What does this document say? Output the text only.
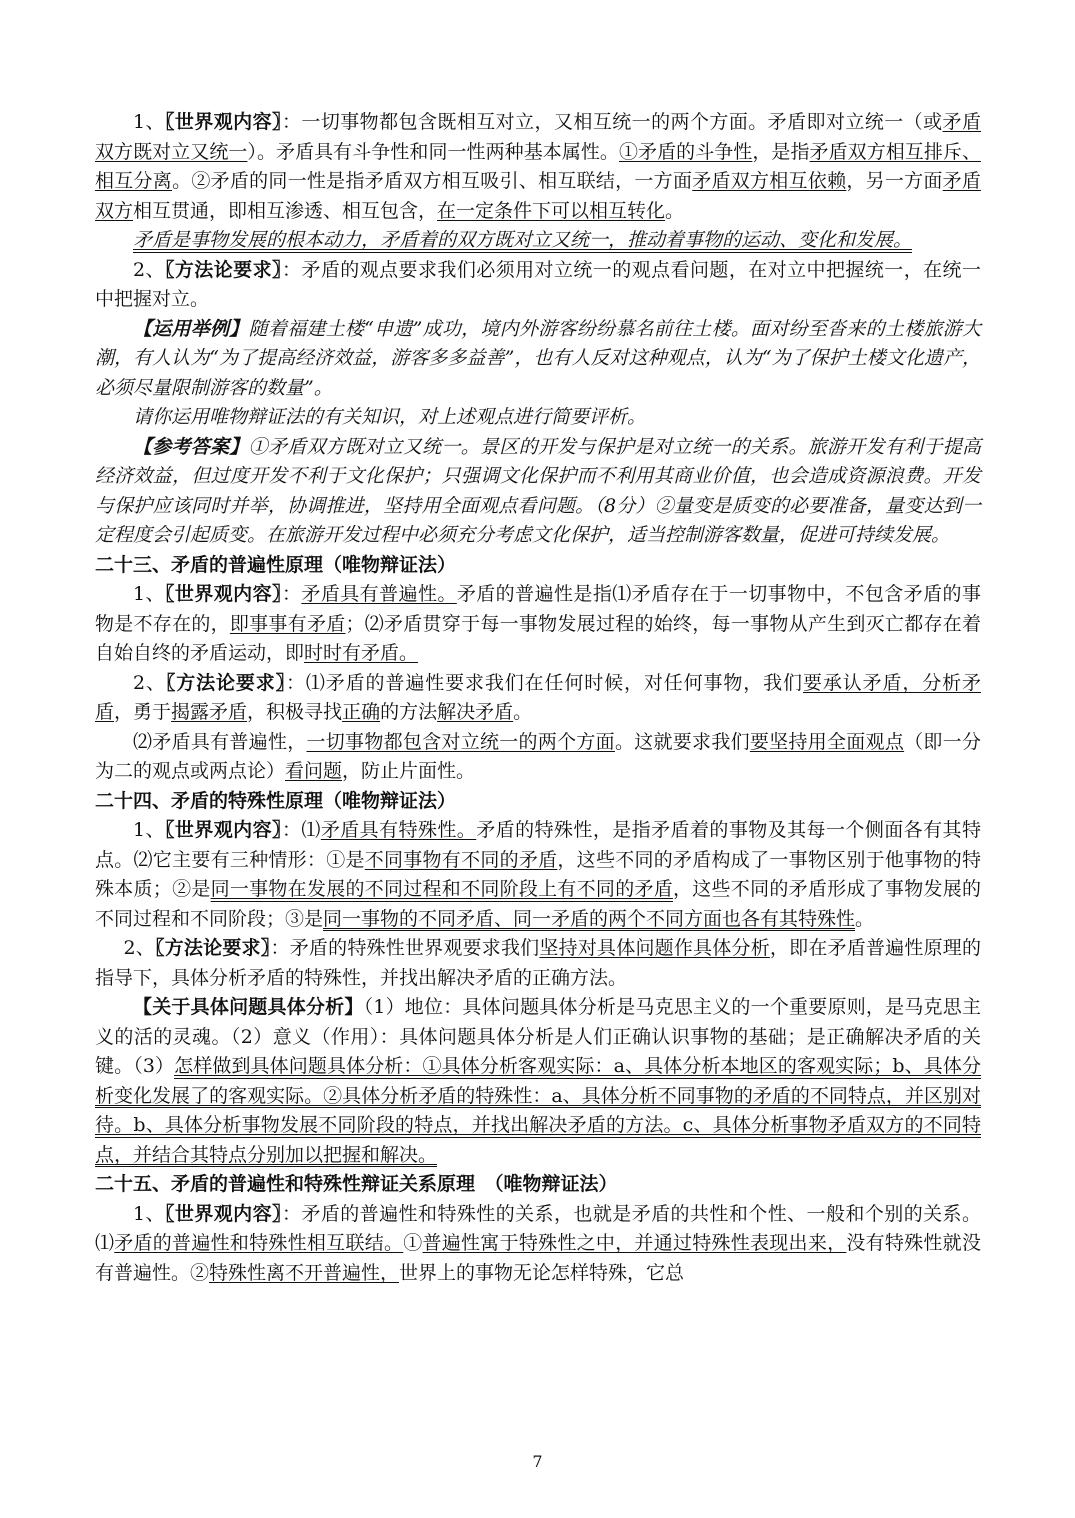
1、〖世界观内容〗：一切事物都包含既相互对立，又相互统一的两个方面。矛盾即对立统一（或矛盾双方既对立又统一）。矛盾具有斗争性和同一性两种基本属性。①矛盾的斗争性，是指矛盾双方相互排斥、相互分离。②矛盾的同一性是指矛盾双方相互吸引、相互联结，一方面矛盾双方相互依赖，另一方面矛盾双方相互贯通，即相互渗透、相互包含，在一定条件下可以相互转化。

矛盾是事物发展的根本动力，矛盾着的双方既对立又统一，推动着事物的运动、变化和发展。

2、〖方法论要求〗：矛盾的观点要求我们必须用对立统一的观点看问题，在对立中把握统一，在统一中把握对立。

【运用举例】随着福建土楼“申遗”成功，境内外游客纷纷慕名前往土楼。面对纷至沓来的土楼旅游大潮，有人认为“为了提高经济效益，游客多多益善”，也有人反对这种观点，认为“为了保护土楼文化遗产，必须尽量限制游客的数量”。

请你运用唯物辩证法的有关知识，对上述观点进行简要评析。

【参考答案】①矛盾双方既对立又统一。景区的开发与保护是对立统一的关系。旅游开发有利于提高经济效益，但过度开发不利于文化保护；只强调文化保护而不利用其商业价值，也会造成资源浪费。开发与保护应该同时并举，协调推进，坚持用全面观点看问题。（8分）②量变是质变的必要准备，量变达到一定程度会引起质变。在旅游开发过程中必须充分考虑文化保护，适当控制游客数量，促进可持续发展。

二十三、矛盾的普遍性原理（唯物辩证法）

1、〖世界观内容〗：矛盾具有普遍性。矛盾的普遍性是指⑴矛盾存在于一切事物中，不包含矛盾的事物是不存在的，即事事有矛盾；⑵矛盾贯穿于每一事物发展过程的始终，每一事物从产生到灭亡都存在着自始自终的矛盾运动，即时时有矛盾。

2、〖方法论要求〗：⑴矛盾的普遍性要求我们在任何时候，对任何事物，我们要承认矛盾，分析矛盾，勇于揭露矛盾，积极寻找正确的方法解决矛盾。

⑵矛盾具有普遍性，一切事物都包含对立统一的两个方面。这就要求我们要坚持用全面观点（即一分为二的观点或两点论）看问题，防止片面性。

二十四、矛盾的特殊性原理（唯物辩证法）

1、〖世界观内容〗：⑴矛盾具有特殊性。矛盾的特殊性，是指矛盾着的事物及其每一个侧面各有其特点。⑵它主要有三种情形：①是不同事物有不同的矛盾，这些不同的矛盾构成了一事物区别于他事物的特殊本质；②是同一事物在发展的不同过程和不同阶段上有不同的矛盾，这些不同的矛盾形成了事物发展的不同过程和不同阶段；③是同一事物的不同矛盾、同一矛盾的两个不同方面也各有其特殊性。

2、〖方法论要求〗：矛盾的特殊性世界观要求我们坚持对具体问题作具体分析，即在矛盾普遍性原理的指导下，具体分析矛盾的特殊性，并找出解决矛盾的正确方法。

【关于具体问题具体分析】（1）地位：具体问题具体分析是马克思主义的一个重要原则，是马克思主义的活的灵魂。（2）意义（作用）：具体问题具体分析是人们正确认识事物的基础；是正确解决矛盾的关键。（3）怎样做到具体问题具体分析：①具体分析客观实际：a、具体分析本地区的客观实际；b、具体分析变化发展了的客观实际。②具体分析矛盾的特殊性：a、具体分析不同事物的矛盾的不同特点，并区别对待。b、具体分析事物发展不同阶段的特点，并找出解决矛盾的方法。c、具体分析事物矛盾双方的不同特点，并结合其特点分别加以把握和解决。

二十五、矛盾的普遍性和特殊性辩证关系原理　（唯物辩证法）

1、〖世界观内容〗：矛盾的普遍性和特殊性的关系，也就是矛盾的共性和个性、一般和个别的关系。⑴矛盾的普遍性和特殊性相互联结。①普遍性寓于特殊性之中，并通过特殊性表现出来，没有特殊性就没有普遍性。②特殊性离不开普遍性，世界上的事物无论怎样特殊，它总

7
